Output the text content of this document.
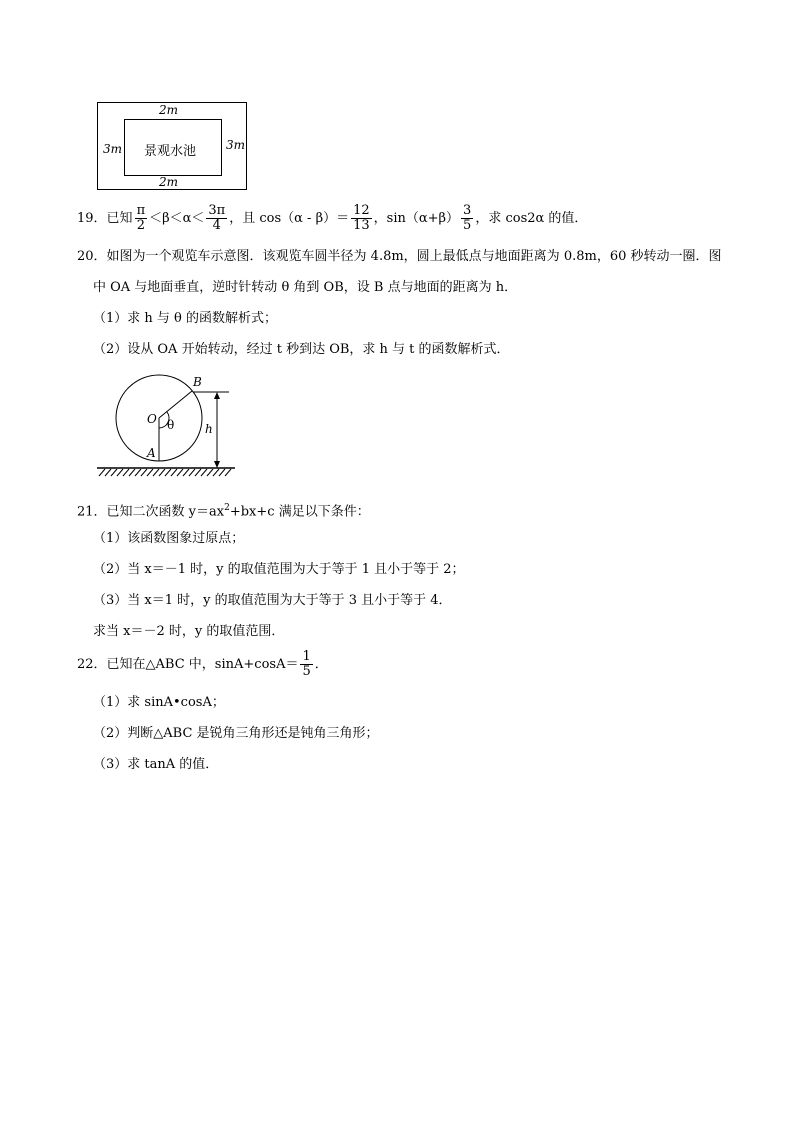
2m
2m
3m	3m
景观水池
19．已知 $\frac{\pi}{2} <\beta<\alpha< \frac{3\pi}{4}$ ，且 $\cos(\alpha - \beta)= \frac{12}{13}$ ，$\sin(\alpha+\beta) \frac{3}{5}$ ，求 cos2α 的值．
20．如图为一个观览车示意图．该观览车圆半径为 4.8m，圆上最低点与地面距离为 0.8m，60 秒转动一圈．图
中 OA 与地面垂直，逆时针转动 θ 角到 OB，设 B 点与地面的距离为 h．
（1）求 h 与 θ 的函数解析式；
（2）设从 OA 开始转动，经过 t 秒到达 OB，求 h 与 t 的函数解析式．
B
O θ
A
h
21．已知二次函数 $y=ax^2+bx+c$ 满足以下条件：
（1）该函数图象过原点；
（2）当 x＝－1 时，y 的取值范围为大于等于 1 且小于等于 2；
（3）当 x＝1 时，y 的取值范围为大于等于 3 且小于等于 4．
求当 x＝－2 时，y 的取值范围．
22．已知在△ABC 中，$\sin A+\cos A= \frac{1}{5}$ ．
（1）求 sinA•cosA；
（2）判断△ABC 是锐角三角形还是钝角三角形；
（3）求 tanA 的值．
